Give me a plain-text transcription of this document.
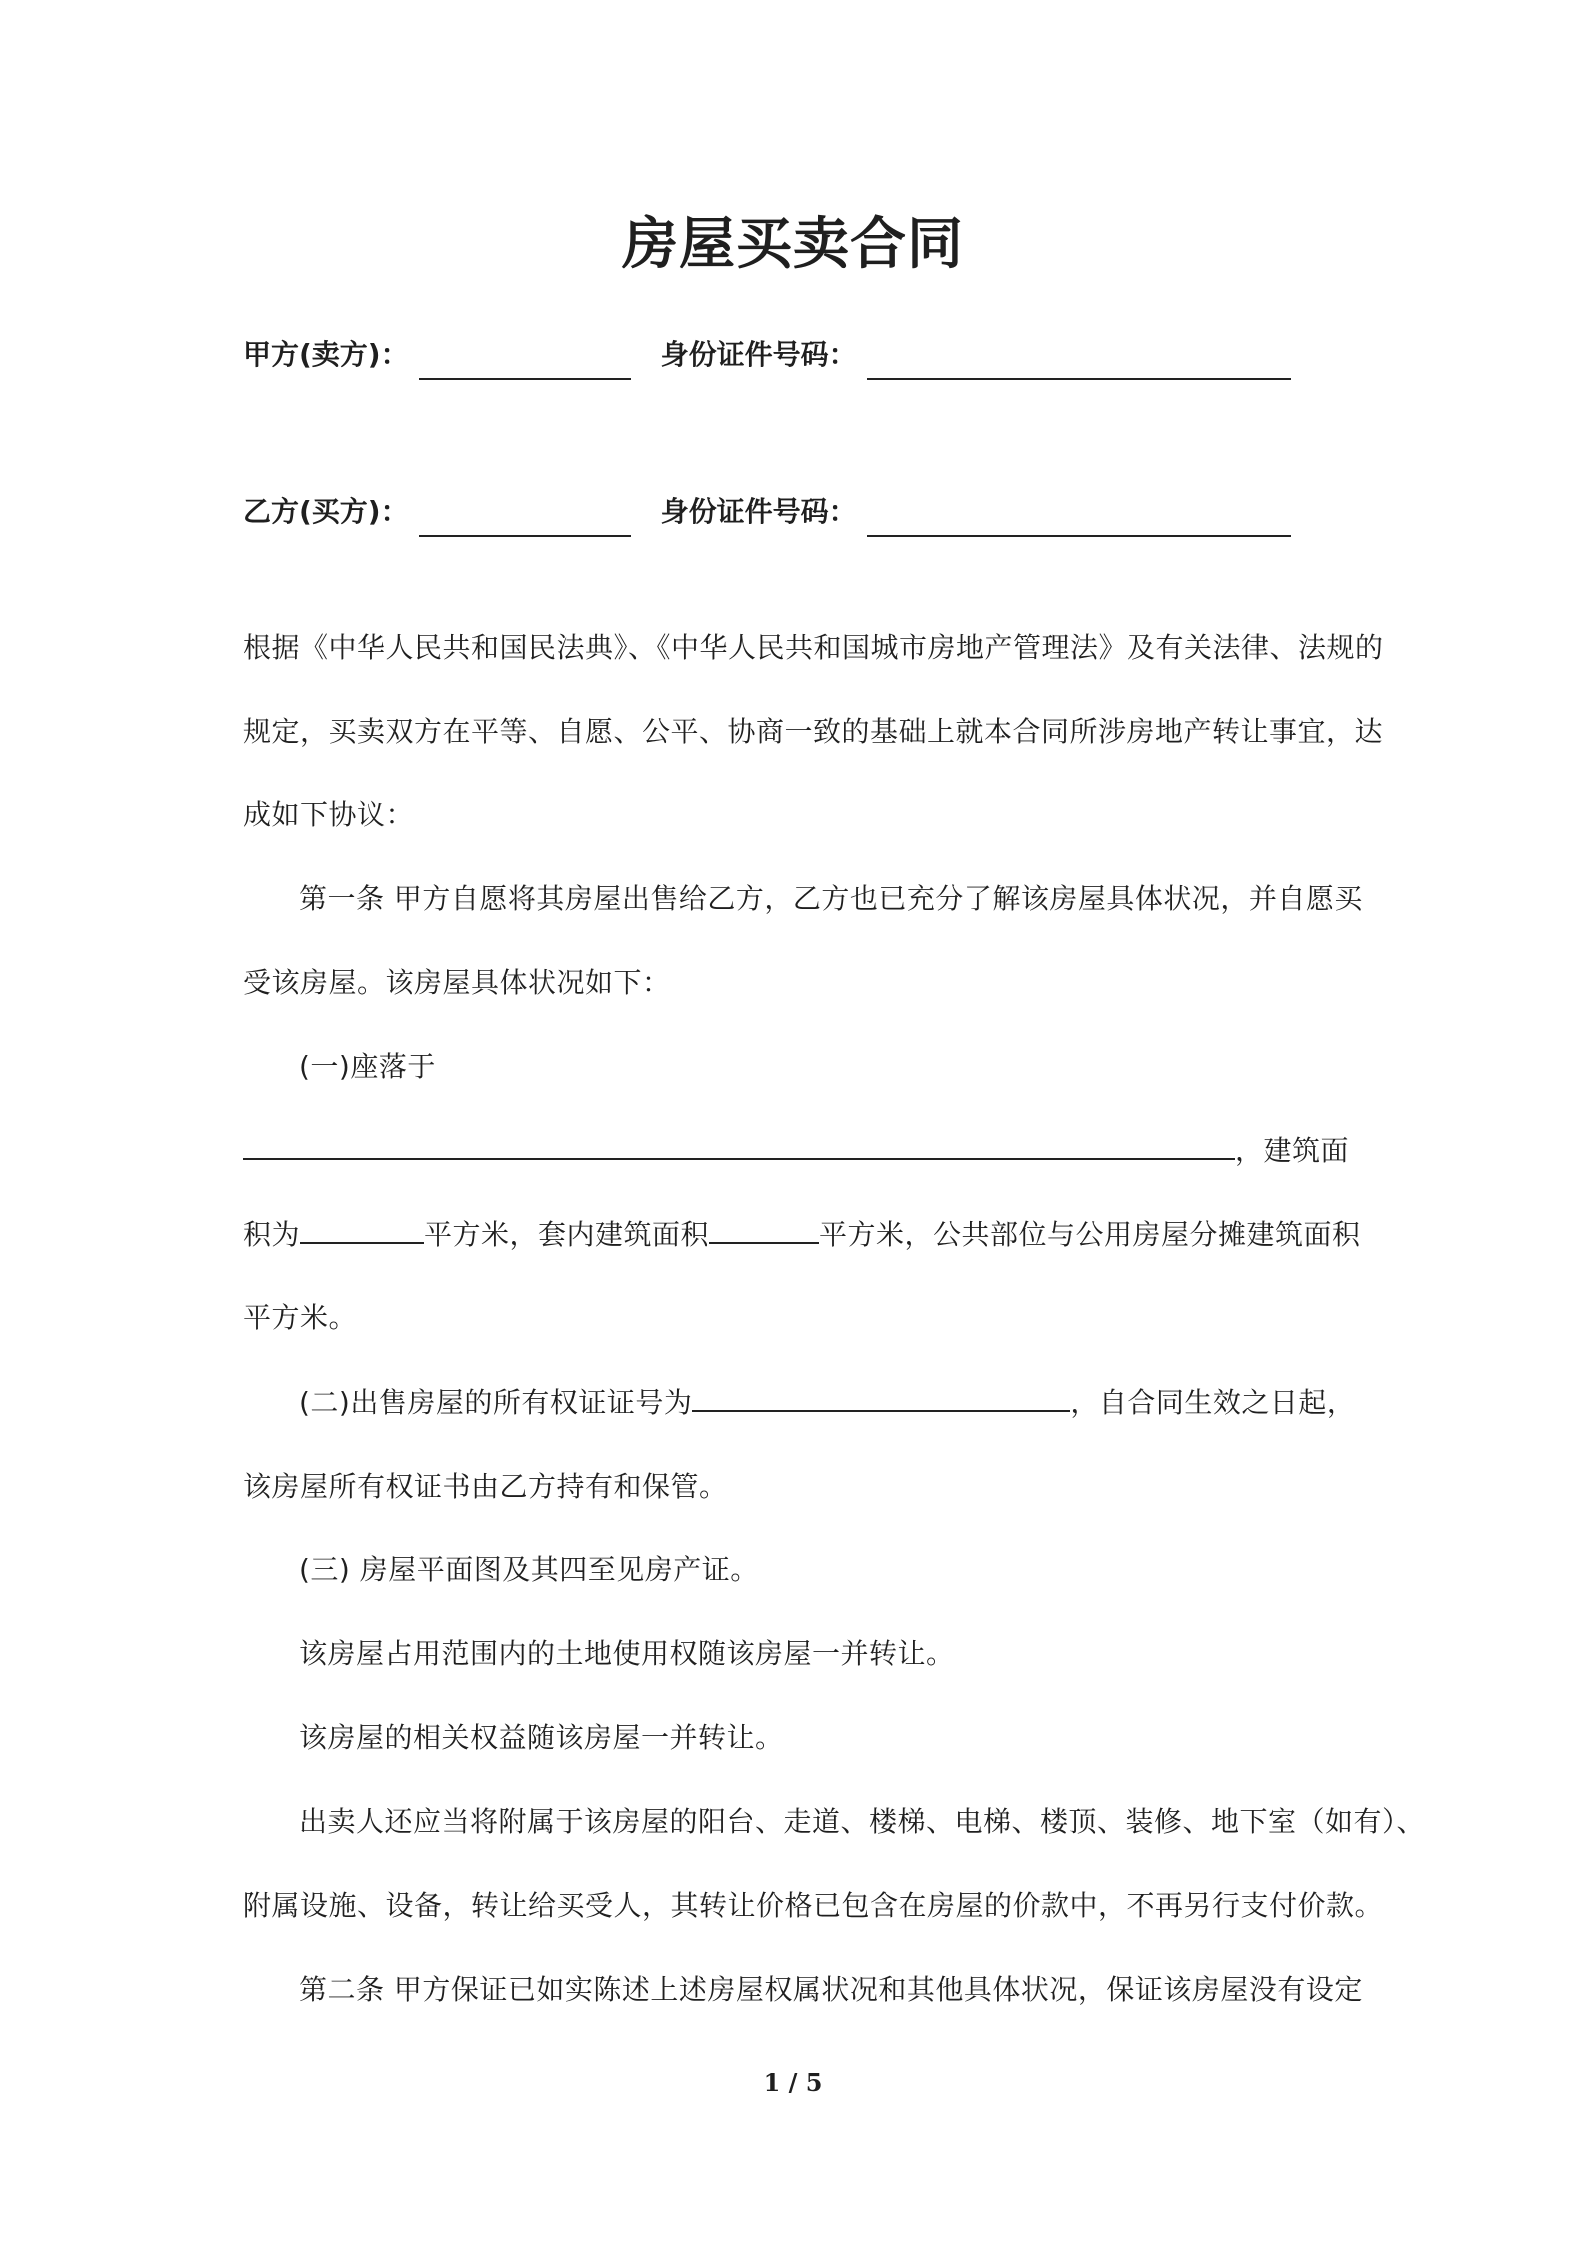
房屋买卖合同
甲方(卖方)：	身份证件号码：
乙方(买方)：	身份证件号码：
根据《中华人民共和国民法典》、《中华人民共和国城市房地产管理法》及有关法律、法规的
规定，买卖双方在平等、自愿、公平、协商一致的基础上就本合同所涉房地产转让事宜，达
成如下协议：
第一条 甲方自愿将其房屋出售给乙方，乙方也已充分了解该房屋具体状况，并自愿买
受该房屋。该房屋具体状况如下：
(一)座落于
，建筑面
积为	平方米，套内建筑面积	平方米，公共部位与公用房屋分摊建筑面积
平方米。
(二)出售房屋的所有权证证号为	，自合同生效之日起，
该房屋所有权证书由乙方持有和保管。
(三) 房屋平面图及其四至见房产证。
该房屋占用范围内的土地使用权随该房屋一并转让。
该房屋的相关权益随该房屋一并转让。
出卖人还应当将附属于该房屋的阳台、走道、楼梯、电梯、楼顶、装修、地下室（如有）、
附属设施、设备，转让给买受人，其转让价格已包含在房屋的价款中，不再另行支付价款。
第二条 甲方保证已如实陈述上述房屋权属状况和其他具体状况，保证该房屋没有设定
1 / 5
